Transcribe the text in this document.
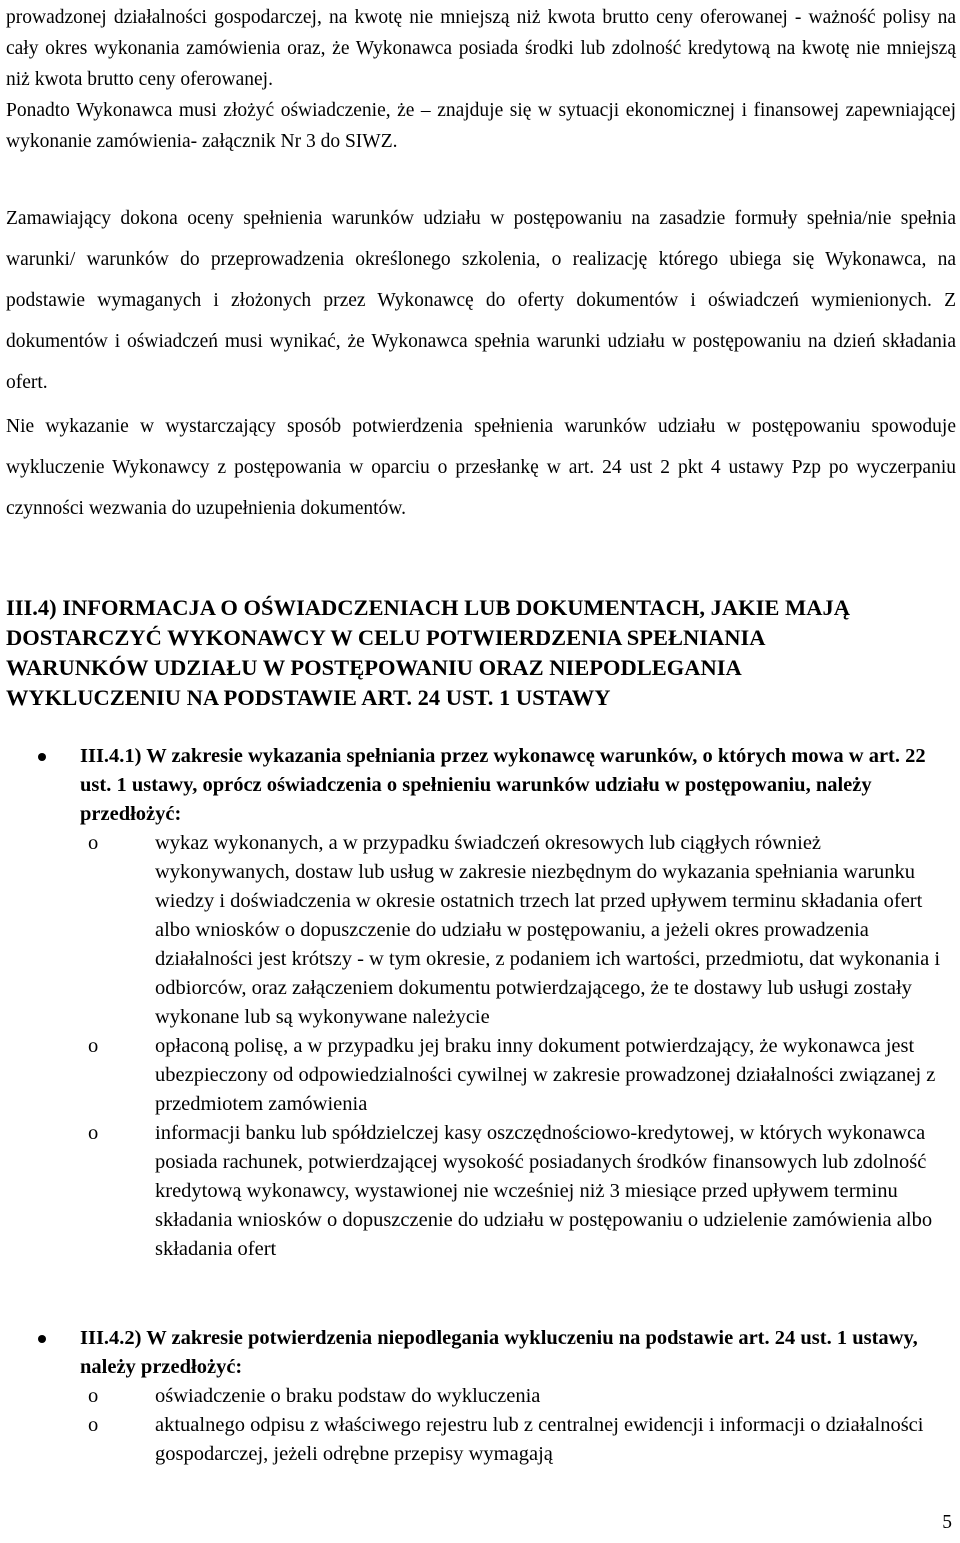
prowadzonej działalności gospodarczej, na kwotę nie mniejszą niż kwota brutto ceny oferowanej - ważność polisy na cały okres wykonania zamówienia oraz, że Wykonawca posiada środki lub zdolność kredytową na kwotę nie mniejszą niż kwota brutto ceny oferowanej.

Ponadto Wykonawca musi złożyć oświadczenie, że – znajduje się w sytuacji ekonomicznej i finansowej zapewniającej wykonanie zamówienia- załącznik Nr 3 do SIWZ.

Zamawiający dokona oceny spełnienia warunków udziału w postępowaniu na zasadzie formuły spełnia/nie spełnia warunki/ warunków do przeprowadzenia określonego szkolenia, o realizację którego ubiega się Wykonawca, na podstawie wymaganych i złożonych przez Wykonawcę do oferty dokumentów i oświadczeń wymienionych. Z dokumentów i oświadczeń musi wynikać, że Wykonawca spełnia warunki udziału w postępowaniu na dzień składania ofert.

III.4) INFORMACJA O OŚWIADCZENIACH LUB DOKUMENTACH, JAKIE MAJĄ
DOSTARCZYĆ WYKONAWCY W CELU POTWIERDZENIA SPEŁNIANIA
WARUNKÓW UDZIAŁU W POSTĘPOWANIU ORAZ NIEPODLEGANIA
WYKLUCZENIU NA PODSTAWIE ART. 24 UST. 1 USTAWY
III.4.1) W zakresie wykazania spełniania przez wykonawcę warunków, o których mowa w art. 22 ust. 1 ustawy, oprócz oświadczenia o spełnieniu warunków udziału w postępowaniu, należy przedłożyć:
o	wykaz wykonanych, a w przypadku świadczeń okresowych lub ciągłych również wykonywanych, dostaw lub usług w zakresie niezbędnym do wykazania spełniania warunku wiedzy i doświadczenia w okresie ostatnich trzech lat przed upływem terminu składania ofert albo wniosków o dopuszczenie do udziału w postępowaniu, a jeżeli okres prowadzenia działalności jest krótszy - w tym okresie, z podaniem ich wartości, przedmiotu, dat wykonania i odbiorców, oraz załączeniem dokumentu potwierdzającego, że te dostawy lub usługi zostały wykonane lub są wykonywane należycie
o	opłaconą polisę, a w przypadku jej braku inny dokument potwierdzający, że wykonawca jest ubezpieczony od odpowiedzialności cywilnej w zakresie prowadzonej działalności związanej z przedmiotem zamówienia
o	informacji banku lub spółdzielczej kasy oszczędnościowo-kredytowej, w których wykonawca posiada rachunek, potwierdzającej wysokość posiadanych środków finansowych lub zdolność kredytową wykonawcy, wystawionej nie wcześniej niż 3 miesiące przed upływem terminu składania wniosków o dopuszczenie do udziału w postępowaniu o udzielenie zamówienia albo składania ofert
III.4.2) W zakresie potwierdzenia niepodlegania wykluczeniu na podstawie art. 24 ust. 1 ustawy, należy przedłożyć:
o	oświadczenie o braku podstaw do wykluczenia
o	aktualnego odpisu z właściwego rejestru lub z centralnej ewidencji i informacji o działalności gospodarczej, jeżeli odrębne przepisy wymagają
5

Nie wykazanie w wystarczający sposób potwierdzenia spełnienia warunków udziału w postępowaniu spowoduje wykluczenie Wykonawcy z postępowania w oparciu o przesłankę w art. 24 ust 2 pkt 4 ustawy Pzp po wyczerpaniu czynności wezwania do uzupełnienia dokumentów.
